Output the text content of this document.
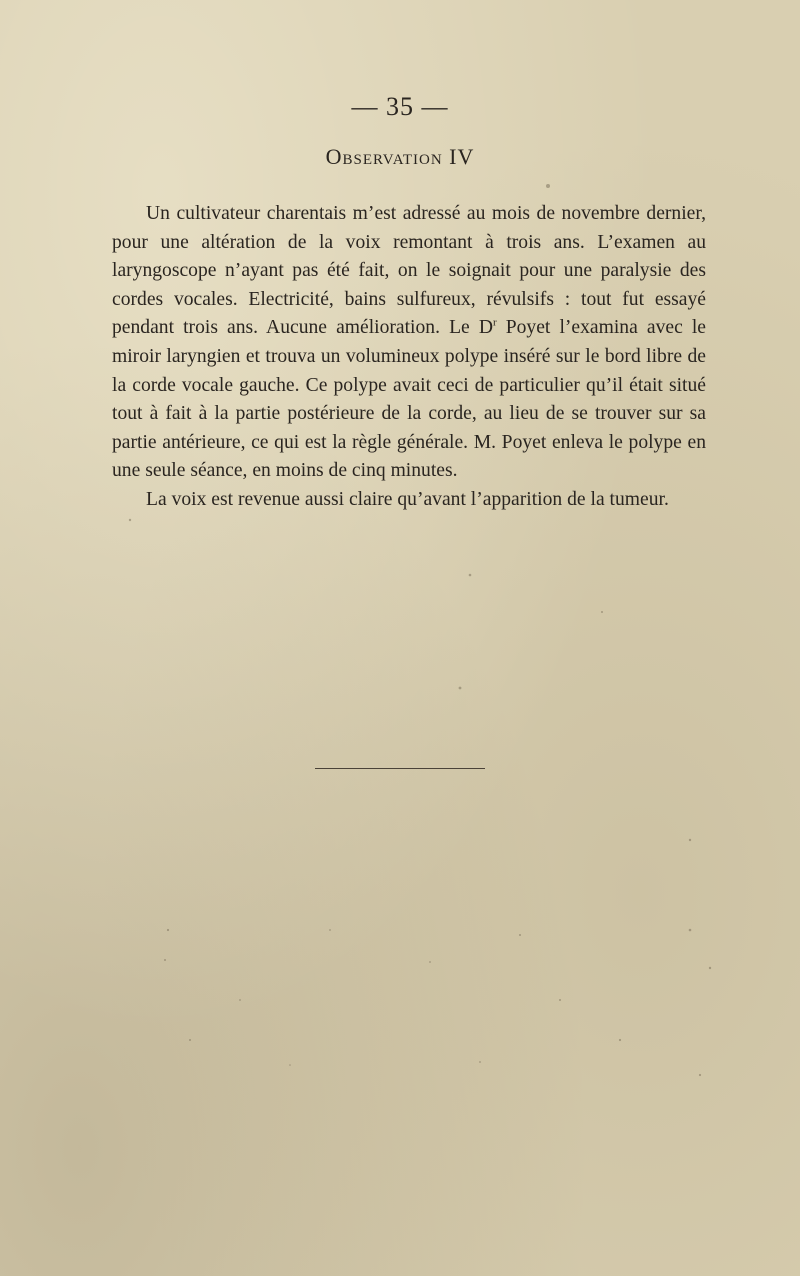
— 35 —
Observation IV

Un cultivateur charentais m’est adressé au mois de novembre dernier, pour une altération de la voix remontant à trois ans. L’examen au laryngoscope n’ayant pas été fait, on le soignait pour une paralysie des cordes vocales. Electricité, bains sulfureux, révulsifs : tout fut essayé pendant trois ans. Aucune amélioration. Le $D^r$ Poyet l’examina avec le miroir laryngien et trouva un volumineux polype inséré sur le bord libre de la corde vocale gauche. Ce polype avait ceci de particulier qu’il était situé tout à fait à la partie postérieure de la corde, au lieu de se trouver sur sa partie antérieure, ce qui est la règle générale. M. Poyet enleva le polype en une seule séance, en moins de cinq minutes.

La voix est revenue aussi claire qu’avant l’apparition de la tumeur.
